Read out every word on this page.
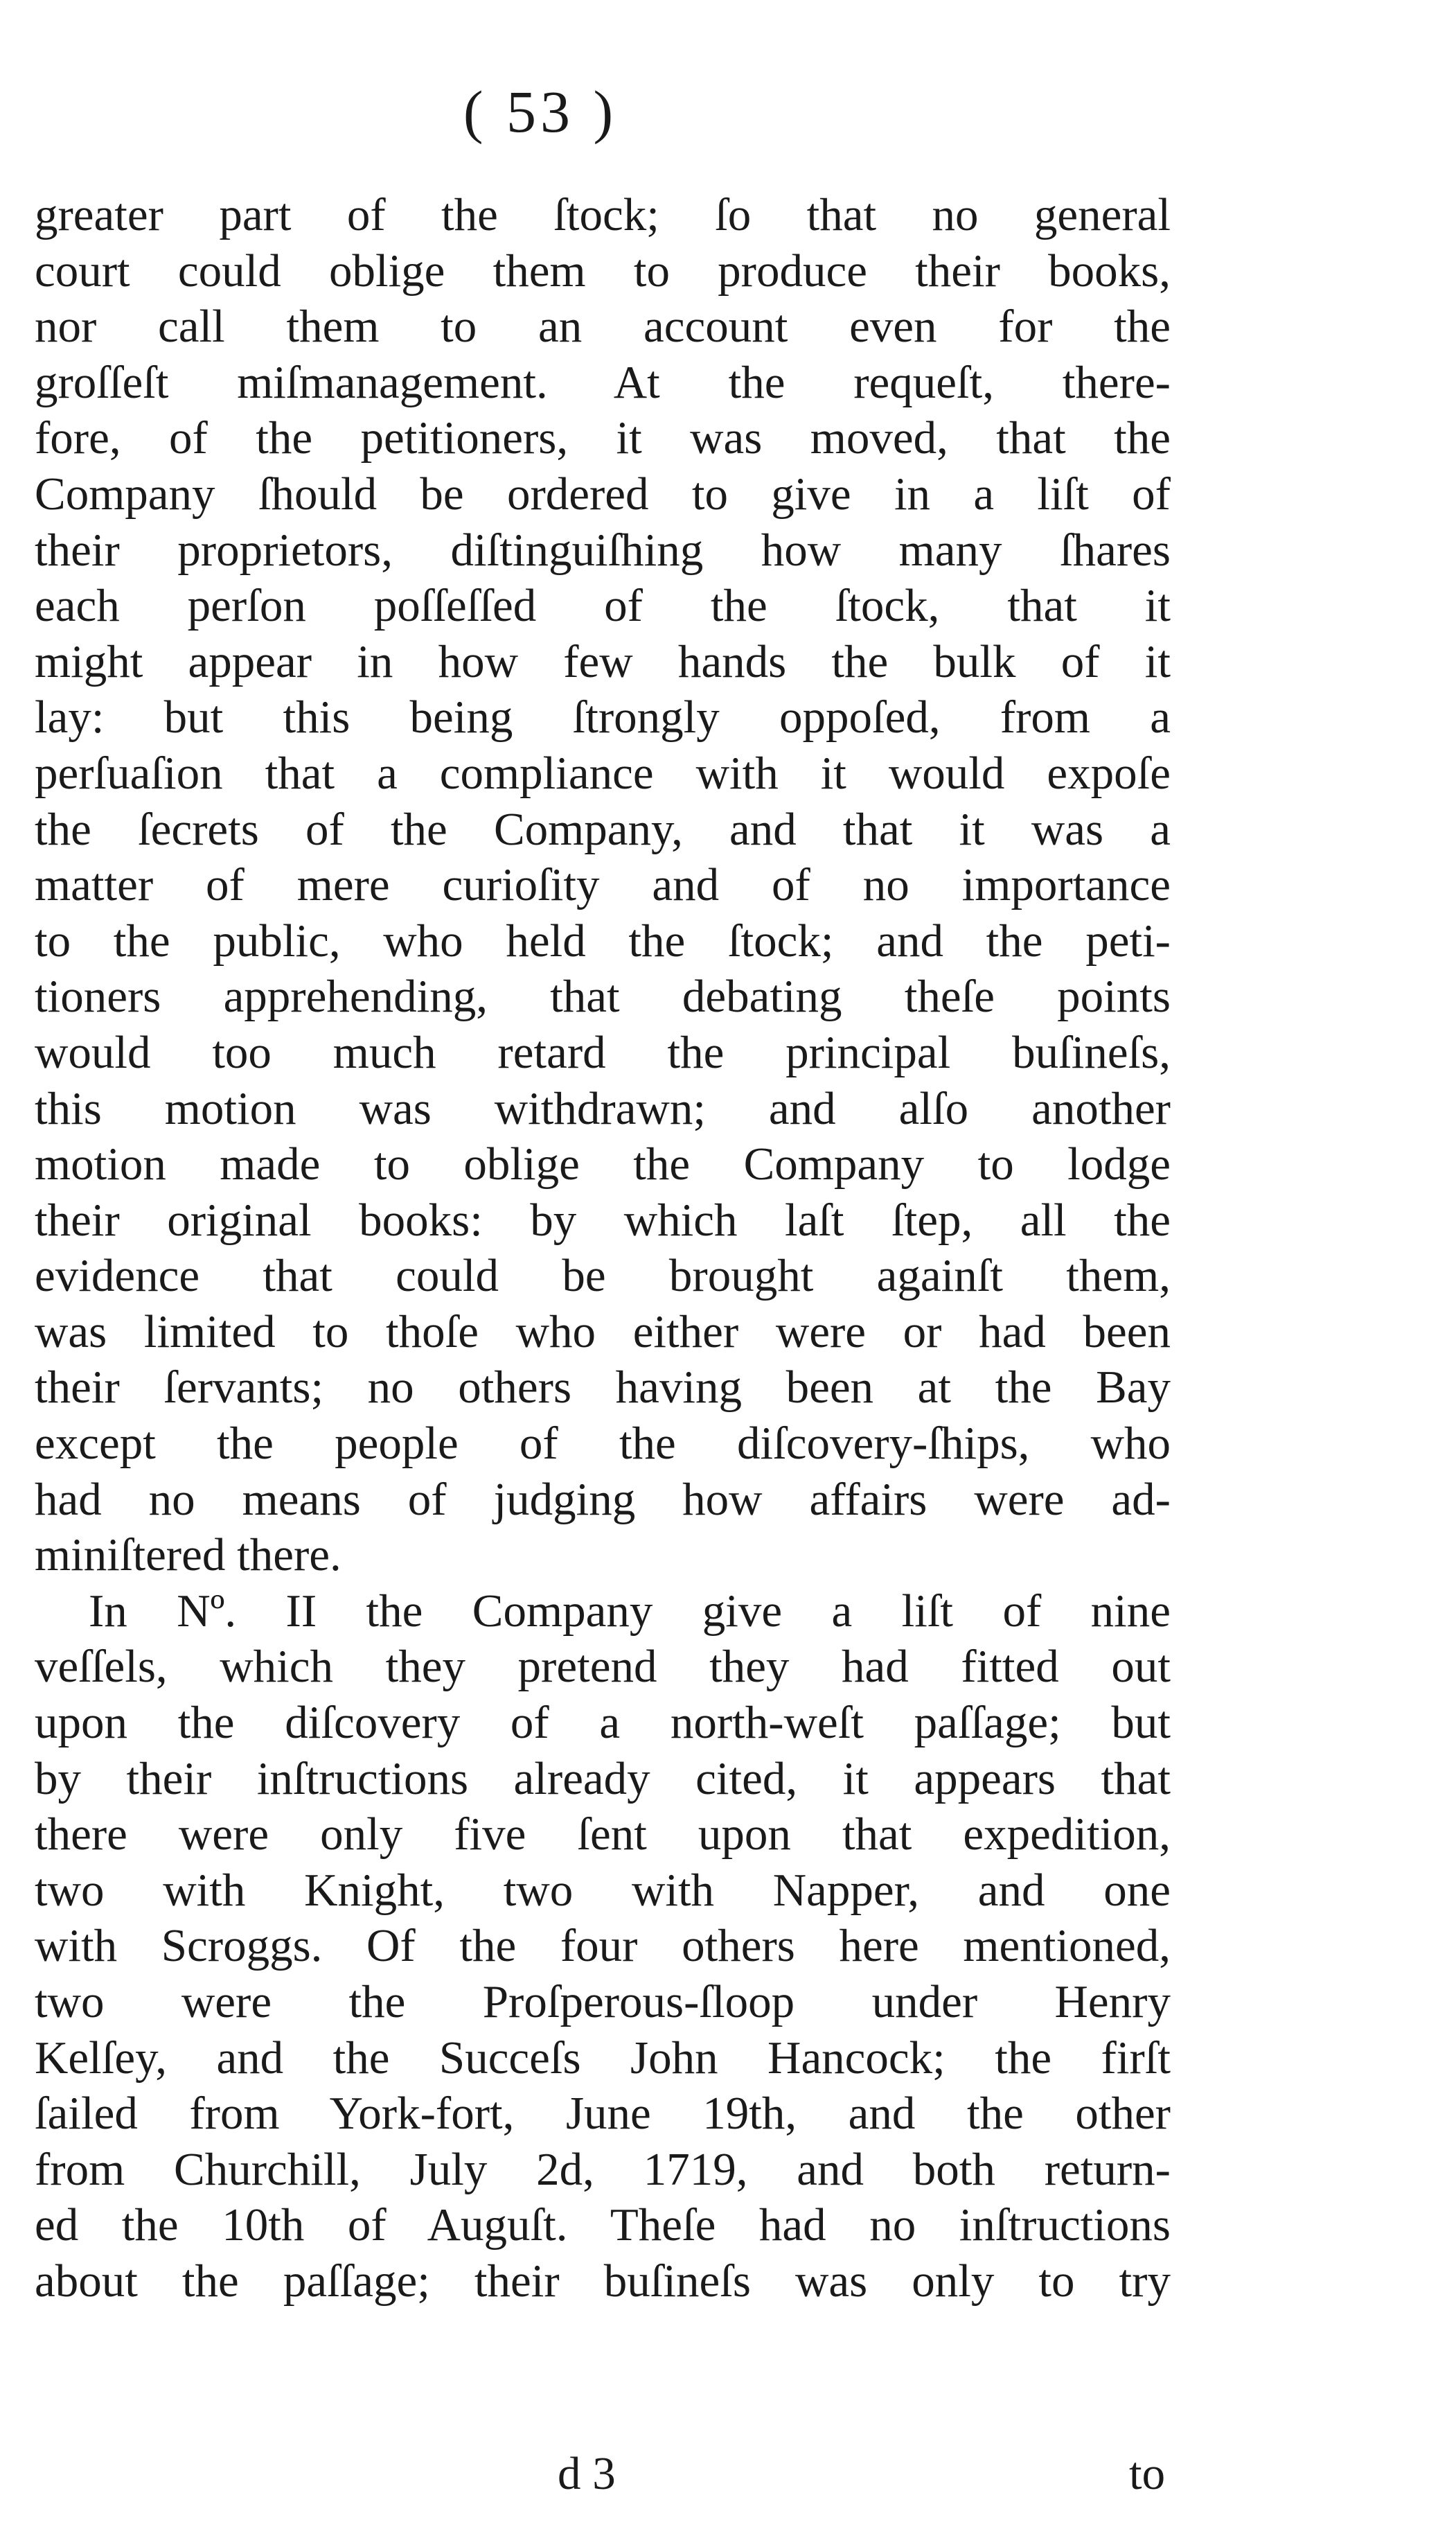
( 53 )
greater part of the ſtock; ſo that no general
court could oblige them to produce their books,
nor call them to an account even for the
groſſeſt miſmanagement. At the requeſt, there-
fore, of the petitioners, it was moved, that the
Company ſhould be ordered to give in a liſt of
their proprietors, diſtinguiſhing how many ſhares
each perſon poſſeſſed of the ſtock, that it
might appear in how few hands the bulk of it
lay: but this being ſtrongly oppoſed, from a
perſuaſion that a compliance with it would expoſe
the ſecrets of the Company, and that it was a
matter of mere curioſity and of no importance
to the public, who held the ſtock; and the peti-
tioners apprehending, that debating theſe points
would too much retard the principal buſineſs,
this motion was withdrawn; and alſo another
motion made to oblige the Company to lodge
their original books: by which laſt ſtep, all the
evidence that could be brought againſt them,
was limited to thoſe who either were or had been
their ſervants; no others having been at the Bay
except the people of the diſcovery-ſhips, who
had no means of judging how affairs were ad-
miniſtered there.
In Nº. II the Company give a liſt of nine
veſſels, which they pretend they had fitted out
upon the diſcovery of a north-weſt paſſage; but
by their inſtructions already cited, it appears that
there were only five ſent upon that expedition,
two with Knight, two with Napper, and one
with Scroggs. Of the four others here mentioned,
two were the Proſperous-ſloop under Henry
Kelſey, and the Succeſs John Hancock; the firſt
ſailed from York-fort, June 19th, and the other
from Churchill, July 2d, 1719, and both return-
ed the 10th of Auguſt. Theſe had no inſtructions
about the paſſage; their buſineſs was only to try
d 3	to
